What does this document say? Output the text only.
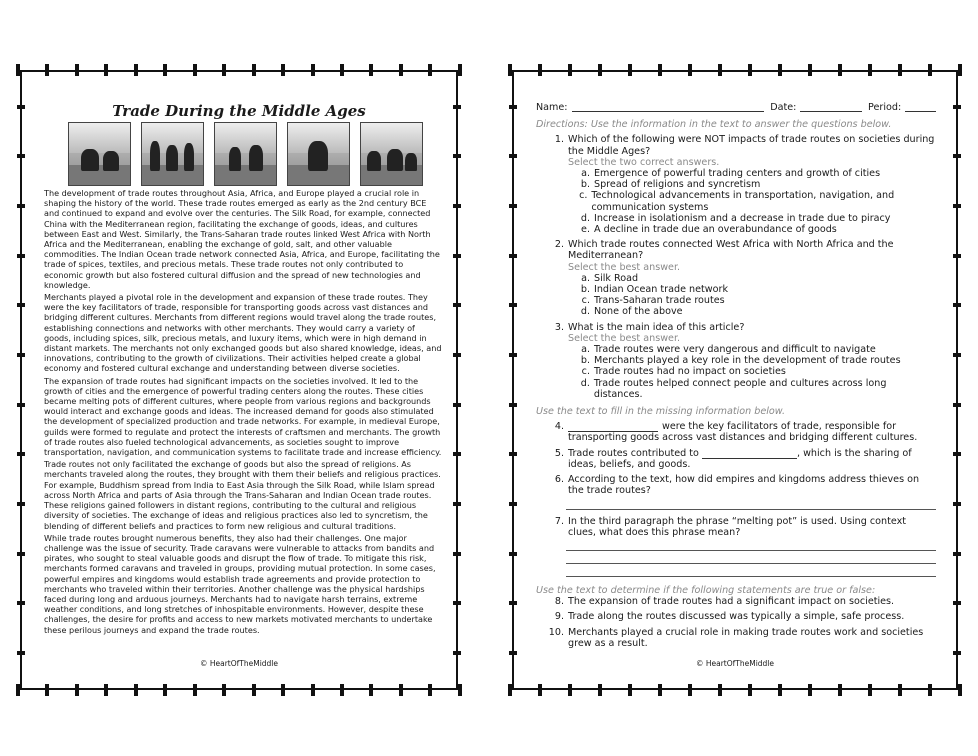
Trade During the Middle Ages

The development of trade routes throughout Asia, Africa, and Europe played a crucial role in shaping the history of the world. These trade routes emerged as early as the 2nd century BCE and continued to expand and evolve over the centuries. The Silk Road, for example, connected China with the Mediterranean region, facilitating the exchange of goods, ideas, and cultures between East and West. Similarly, the Trans-Saharan trade routes linked West Africa with North Africa and the Mediterranean, enabling the exchange of gold, salt, and other valuable commodities. The Indian Ocean trade network connected Asia, Africa, and Europe, facilitating the trade of spices, textiles, and precious metals. These trade routes not only contributed to economic growth but also fostered cultural diffusion and the spread of new technologies and knowledge.

Merchants played a pivotal role in the development and expansion of these trade routes. They were the key facilitators of trade, responsible for transporting goods across vast distances and bridging different cultures. Merchants from different regions would travel along the trade routes, establishing connections and networks with other merchants. They would carry a variety of goods, including spices, silk, precious metals, and luxury items, which were in high demand in distant markets. The merchants not only exchanged goods but also shared knowledge, ideas, and innovations, contributing to the growth of civilizations. Their activities helped create a global economy and fostered cultural exchange and understanding between diverse societies.

The expansion of trade routes had significant impacts on the societies involved. It led to the growth of cities and the emergence of powerful trading centers along the routes. These cities became melting pots of different cultures, where people from various regions and backgrounds would interact and exchange goods and ideas. The increased demand for goods also stimulated the development of specialized production and trade networks. For example, in medieval Europe, guilds were formed to regulate and protect the interests of craftsmen and merchants. The growth of trade routes also fueled technological advancements, as societies sought to improve transportation, navigation, and communication systems to facilitate trade and increase efficiency.

Trade routes not only facilitated the exchange of goods but also the spread of religions. As merchants traveled along the routes, they brought with them their beliefs and religious practices. For example, Buddhism spread from India to East Asia through the Silk Road, while Islam spread across North Africa and parts of Asia through the Trans-Saharan and Indian Ocean trade routes. These religions gained followers in distant regions, contributing to the cultural and religious diversity of societies. The exchange of ideas and religious practices also led to syncretism, the blending of different beliefs and practices to form new religious and cultural traditions.

While trade routes brought numerous benefits, they also had their challenges. One major challenge was the issue of security. Trade caravans were vulnerable to attacks from bandits and pirates, who sought to steal valuable goods and disrupt the flow of trade. To mitigate this risk, merchants formed caravans and traveled in groups, providing mutual protection. In some cases, powerful empires and kingdoms would establish trade agreements and provide protection to merchants who traveled within their territories. Another challenge was the physical hardships faced during long and arduous journeys. Merchants had to navigate harsh terrains, extreme weather conditions, and long stretches of inhospitable environments. However, despite these challenges, the desire for profits and access to new markets motivated merchants to undertake these perilous journeys and expand the trade routes.

© HeartOfTheMiddle
Name:	Date:	Period:
Directions: Use the information in the text to answer the questions below.
1. Which of the following were NOT impacts of trade routes on societies during the Middle Ages?
Select the two correct answers.
a. Emergence of powerful trading centers and growth of cities
b. Spread of religions and syncretism
c. Technological advancements in transportation, navigation, and communication systems
d. Increase in isolationism and a decrease in trade due to piracy
e. A decline in trade due an overabundance of goods
2. Which trade routes connected West Africa with North Africa and the Mediterranean?
Select the best answer.
a. Silk Road
b. Indian Ocean trade network
c. Trans-Saharan trade routes
d. None of the above
3. What is the main idea of this article?
Select the best answer.
a. Trade routes were very dangerous and difficult to navigate
b. Merchants played a key role in the development of trade routes
c. Trade routes had no impact on societies
d. Trade routes helped connect people and cultures across long distances.
Use the text to fill in the missing information below.
4.	were the key facilitators of trade, responsible for transporting goods across vast distances and bridging different cultures.
5. Trade routes contributed to	, which is the sharing of ideas, beliefs, and goods.
6. According to the text, how did empires and kingdoms address thieves on the trade routes?
7. In the third paragraph the phrase “melting pot” is used. Using context clues, what does this phrase mean?
Use the text to determine if the following statements are true or false:
8. The expansion of trade routes had a significant impact on societies.
9. Trade along the routes discussed was typically a simple, safe process.
10. Merchants played a crucial role in making trade routes work and societies grew as a result.
© HeartOfTheMiddle
